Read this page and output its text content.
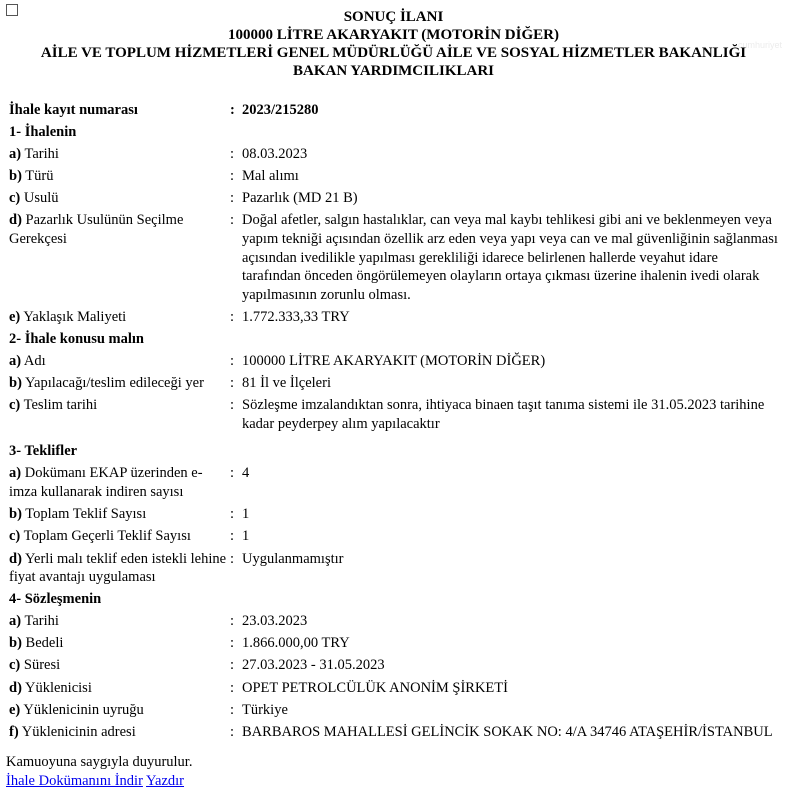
cumhuriyet
SONUÇ İLANI
100000 LİTRE AKARYAKIT (MOTORİN DİĞER)
AİLE VE TOPLUM HİZMETLERİ GENEL MÜDÜRLÜĞÜ AİLE VE SOSYAL HİZMETLER BAKANLIĞI
BAKAN YARDIMCILIKLARI
İhale kayıt numarası	: 2023/215280
1- İhalenin
a) Tarihi	: 08.03.2023
b) Türü	: Mal alımı
c) Usulü	: Pazarlık (MD 21 B)
d) Pazarlık Usulünün Seçilme Gerekçesi
: Doğal afetler, salgın hastalıklar, can veya mal kaybı tehlikesi gibi ani ve beklenmeyen veya yapım tekniği açısından özellik arz eden veya yapı veya can ve mal güvenliğinin sağlanması açısından ivedilikle yapılması gerekliliği idarece belirlenen hallerde veyahut idare tarafından önceden öngörülemeyen olayların ortaya çıkması üzerine ihalenin ivedi olarak yapılmasının zorunlu olması.
e) Yaklaşık Maliyeti	: 1.772.333,33 TRY
2- İhale konusu malın
a) Adı	: 100000 LİTRE AKARYAKIT (MOTORİN DİĞER)
b) Yapılacağı/teslim edileceği yer	: 81 İl ve İlçeleri
c) Teslim tarihi	: Sözleşme imzalandıktan sonra, ihtiyaca binaen taşıt tanıma sistemi ile 31.05.2023 tarihine kadar peyderpey alım yapılacaktır
3- Teklifler
a) Dokümanı EKAP üzerinden e-imza kullanarak indiren sayısı
: 4
b) Toplam Teklif Sayısı	: 1
c) Toplam Geçerli Teklif Sayısı	: 1
d) Yerli malı teklif eden istekli lehine fiyat avantajı uygulaması
: Uygulanmamıştır
4- Sözleşmenin
a) Tarihi	: 23.03.2023
b) Bedeli	: 1.866.000,00 TRY
c) Süresi	: 27.03.2023 - 31.05.2023
d) Yüklenicisi	: OPET PETROLCÜLÜK ANONİM ŞİRKETİ
e) Yüklenicinin uyruğu	: Türkiye
f) Yüklenicinin adresi	: BARBAROS MAHALLESİ GELİNCİK SOKAK NO: 4/A 34746 ATAŞEHİR/İSTANBUL
Kamuoyuna saygıyla duyurulur.
İhale Dokümanını İndir Yazdır
